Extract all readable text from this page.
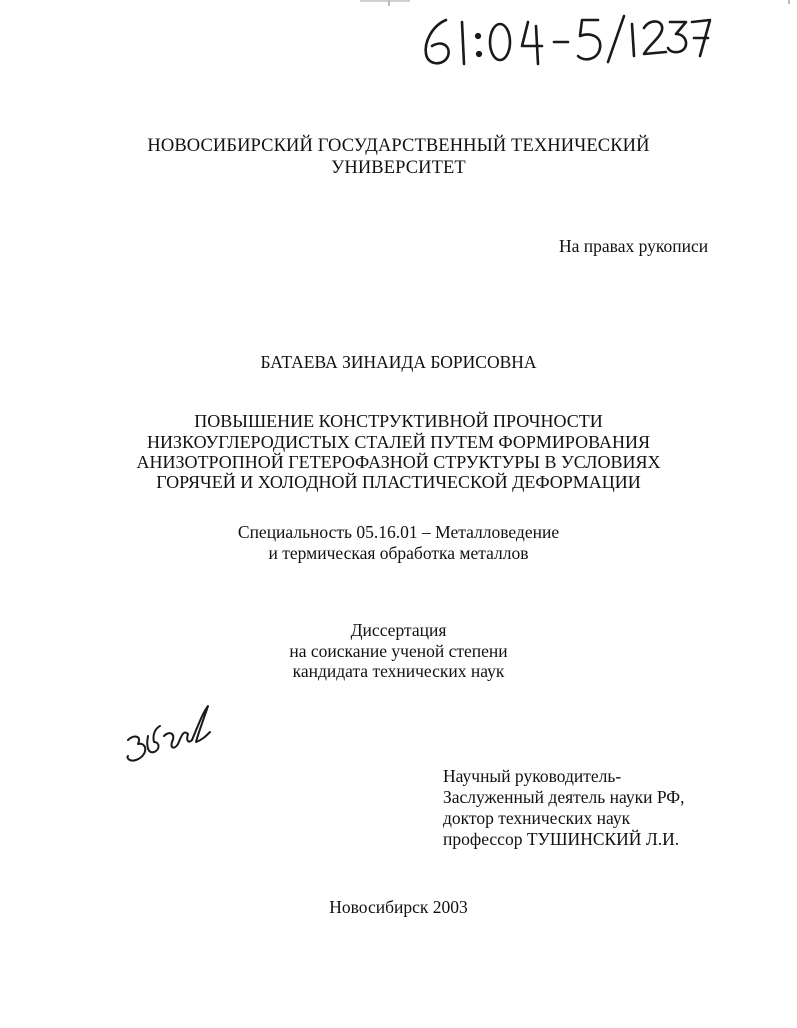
НОВОСИБИРСКИЙ ГОСУДАРСТВЕННЫЙ ТЕХНИЧЕСКИЙ
УНИВЕРСИТЕТ
На правах рукописи
БАТАЕВА ЗИНАИДА БОРИСОВНА
ПОВЫШЕНИЕ КОНСТРУКТИВНОЙ ПРОЧНОСТИ
НИЗКОУГЛЕРОДИСТЫХ СТАЛЕЙ ПУТЕМ ФОРМИРОВАНИЯ
АНИЗОТРОПНОЙ ГЕТЕРОФАЗНОЙ СТРУКТУРЫ В УСЛОВИЯХ
ГОРЯЧЕЙ И ХОЛОДНОЙ ПЛАСТИЧЕСКОЙ ДЕФОРМАЦИИ
Специальность 05.16.01 – Металловедение
и термическая обработка металлов
Диссертация
на соискание ученой степени
кандидата технических наук
Научный руководитель-
Заслуженный деятель науки РФ,
доктор технических наук
профессор ТУШИНСКИЙ Л.И.
Новосибирск 2003
